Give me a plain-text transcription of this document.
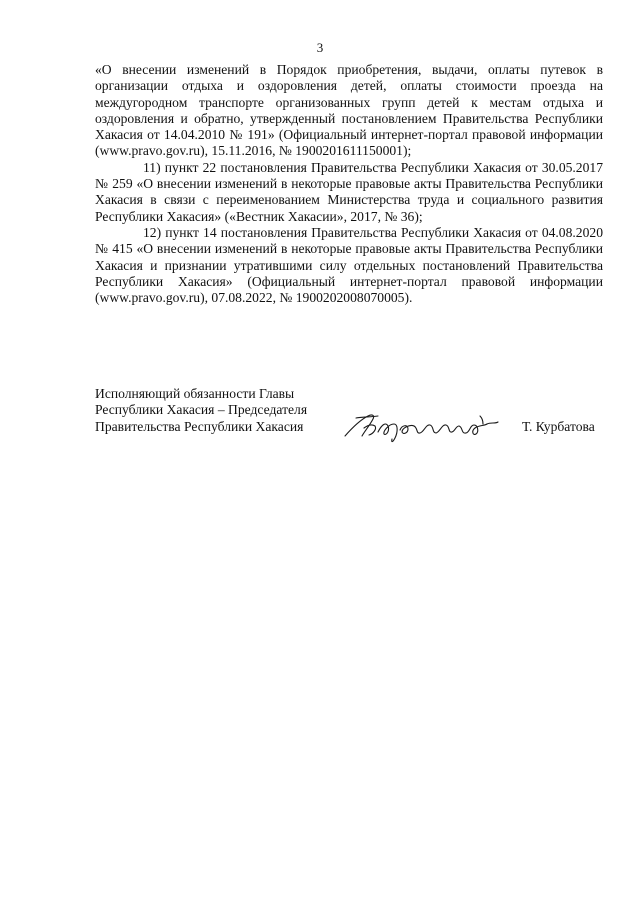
3

«О внесении изменений в Порядок приобретения, выдачи, оплаты путевок в организации отдыха и оздоровления детей, оплаты стоимости проезда на междугородном транспорте организованных групп детей к местам отдыха и оздоровления и обратно, утвержденный постановлением Правительства Республики Хакасия от 14.04.2010 № 191» (Официальный интернет-портал правовой информации (www.pravo.gov.ru), 15.11.2016, № 1900201611150001);

11) пункт 22 постановления Правительства Республики Хакасия от 30.05.2017 № 259 «О внесении изменений в некоторые правовые акты Правительства Республики Хакасия в связи с переименованием Министерства труда и социального развития Республики Хакасия» («Вестник Хакасии», 2017, № 36);

12) пункт 14 постановления Правительства Республики Хакасия от 04.08.2020 № 415 «О внесении изменений в некоторые правовые акты Правительства Республики Хакасия и признании утратившими силу отдельных постановлений Правительства Республики Хакасия» (Официальный интернет-портал правовой информации (www.pravo.gov.ru), 07.08.2022, № 1900202008070005).

Исполняющий обязанности Главы
Республики Хакасия – Председателя
Правительства Республики Хакасия	Т. Курбатова
